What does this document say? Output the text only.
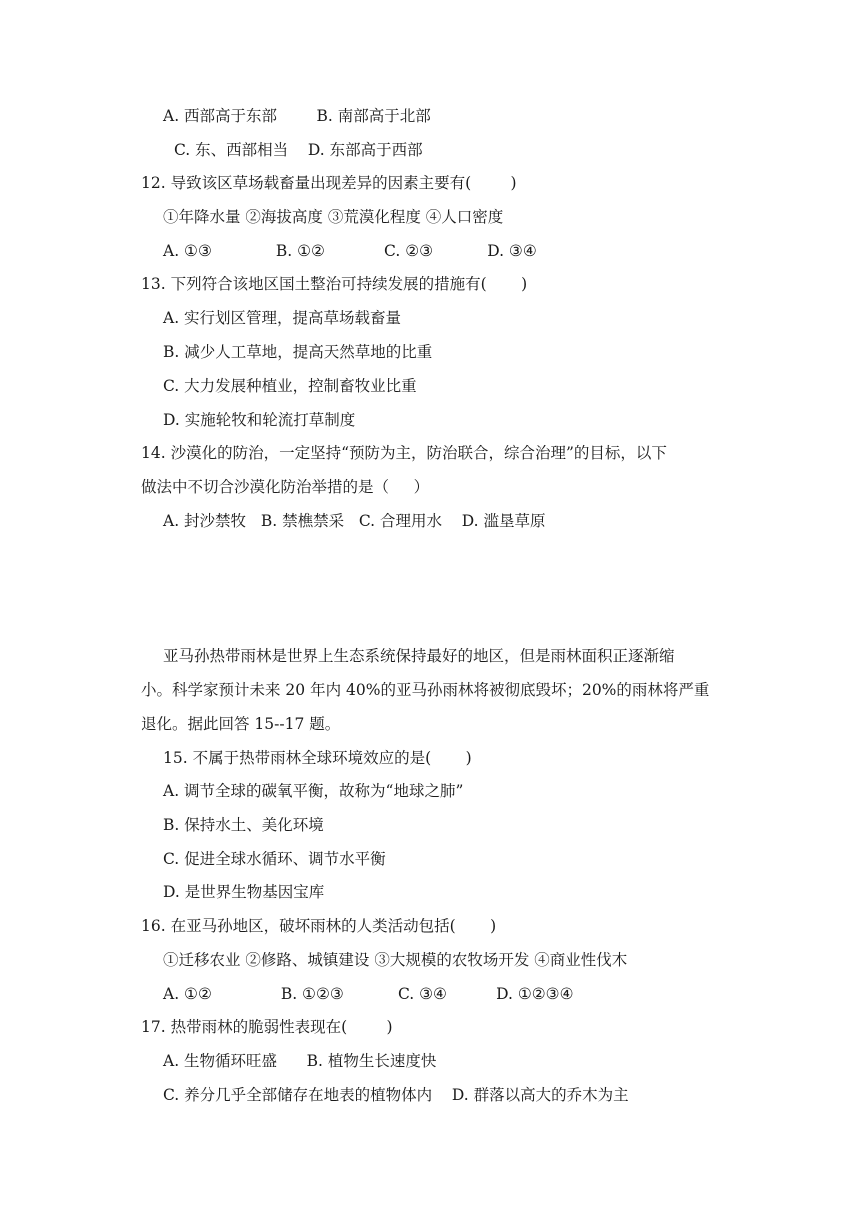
A. 西部高于东部        B. 南部高于北部
C. 东、西部相当    D. 东部高于西部
12. 导致该区草场载畜量出现差异的因素主要有(        )
①年降水量 ②海拔高度 ③荒漠化程度 ④人口密度
A. ①③             B. ①②            C. ②③           D. ③④
13. 下列符合该地区国土整治可持续发展的措施有(       )
A. 实行划区管理，提高草场载畜量
B. 减少人工草地，提高天然草地的比重
C. 大力发展种植业，控制畜牧业比重
D. 实施轮牧和轮流打草制度
14. 沙漠化的防治，一定坚持“预防为主，防治联合，综合治理”的目标，以下
做法中不切合沙漠化防治举措的是（     ）
A. 封沙禁牧   B. 禁樵禁采   C. 合理用水    D. 滥垦草原
亚马孙热带雨林是世界上生态系统保持最好的地区，但是雨林面积正逐渐缩
小。科学家预计未来 20 年内 40%的亚马孙雨林将被彻底毁坏；20%的雨林将严重
退化。据此回答 15--17 题。
15. 不属于热带雨林全球环境效应的是(       )
A. 调节全球的碳氧平衡，故称为“地球之肺”
B. 保持水土、美化环境
C. 促进全球水循环、调节水平衡
D. 是世界生物基因宝库
16. 在亚马孙地区，破坏雨林的人类活动包括(       )
①迁移农业 ②修路、城镇建设 ③大规模的农牧场开发 ④商业性伐木
A. ①②              B. ①②③           C. ③④          D. ①②③④
17. 热带雨林的脆弱性表现在(        )
A. 生物循环旺盛      B. 植物生长速度快
C. 养分几乎全部储存在地表的植物体内    D. 群落以高大的乔木为主
